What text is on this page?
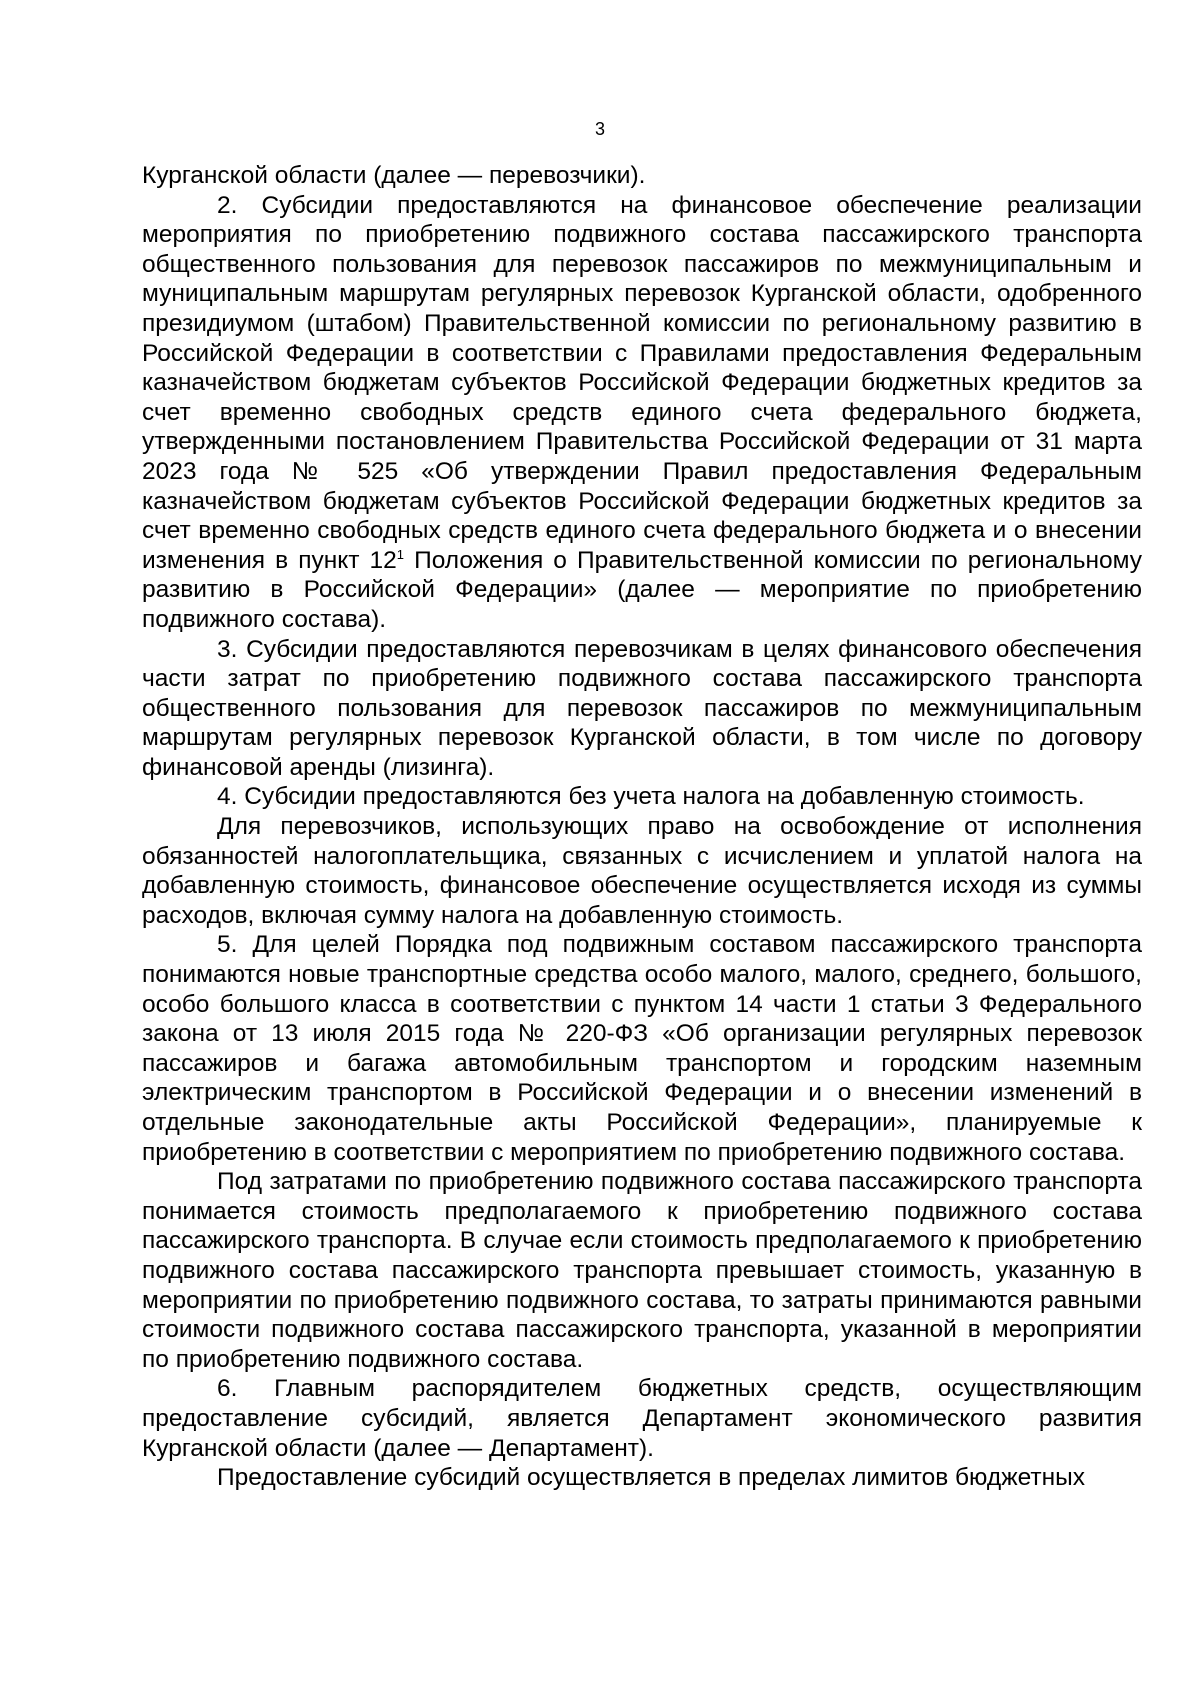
3

Курганской области (далее — перевозчики).

2. Субсидии предоставляются на финансовое обеспечение реализации мероприятия по приобретению подвижного состава пассажирского транспорта общественного пользования для перевозок пассажиров по межмуниципальным и муниципальным маршрутам регулярных перевозок Курганской области, одобренного президиумом (штабом) Правительственной комиссии по региональному развитию в Российской Федерации в соответствии с Правилами предоставления Федеральным казначейством бюджетам субъектов Российской Федерации бюджетных кредитов за счет временно свободных средств единого счета федерального бюджета, утвержденными постановлением Правительства Российской Федерации от 31 марта 2023 года № 525 «Об утверждении Правил предоставления Федеральным казначейством бюджетам субъектов Российской Федерации бюджетных кредитов за счет временно свободных средств единого счета федерального бюджета и о внесении изменения в пункт $12^1$ Положения о Правительственной комиссии по региональному развитию в Российской Федерации» (далее — мероприятие по приобретению подвижного состава).

3. Субсидии предоставляются перевозчикам в целях финансового обеспечения части затрат по приобретению подвижного состава пассажирского транспорта общественного пользования для перевозок пассажиров по межмуниципальным маршрутам регулярных перевозок Курганской области, в том числе по договору финансовой аренды (лизинга).

4. Субсидии предоставляются без учета налога на добавленную стоимость.

Для перевозчиков, использующих право на освобождение от исполнения обязанностей налогоплательщика, связанных с исчислением и уплатой налога на добавленную стоимость, финансовое обеспечение осуществляется исходя из суммы расходов, включая сумму налога на добавленную стоимость.

5. Для целей Порядка под подвижным составом пассажирского транспорта понимаются новые транспортные средства особо малого, малого, среднего, большого, особо большого класса в соответствии с пунктом 14 части 1 статьи 3 Федерального закона от 13 июля 2015 года № 220-ФЗ «Об организации регулярных перевозок пассажиров и багажа автомобильным транспортом и городским наземным электрическим транспортом в Российской Федерации и о внесении изменений в отдельные законодательные акты Российской Федерации», планируемые к приобретению в соответствии с мероприятием по приобретению подвижного состава.

Под затратами по приобретению подвижного состава пассажирского транспорта понимается стоимость предполагаемого к приобретению подвижного состава пассажирского транспорта. В случае если стоимость предполагаемого к приобретению подвижного состава пассажирского транспорта превышает стоимость, указанную в мероприятии по приобретению подвижного состава, то затраты принимаются равными стоимости подвижного состава пассажирского транспорта, указанной в мероприятии по приобретению подвижного состава.

6. Главным распорядителем бюджетных средств, осуществляющим предоставление субсидий, является Департамент экономического развития Курганской области (далее — Департамент).

Предоставление субсидий осуществляется в пределах лимитов бюджетных
